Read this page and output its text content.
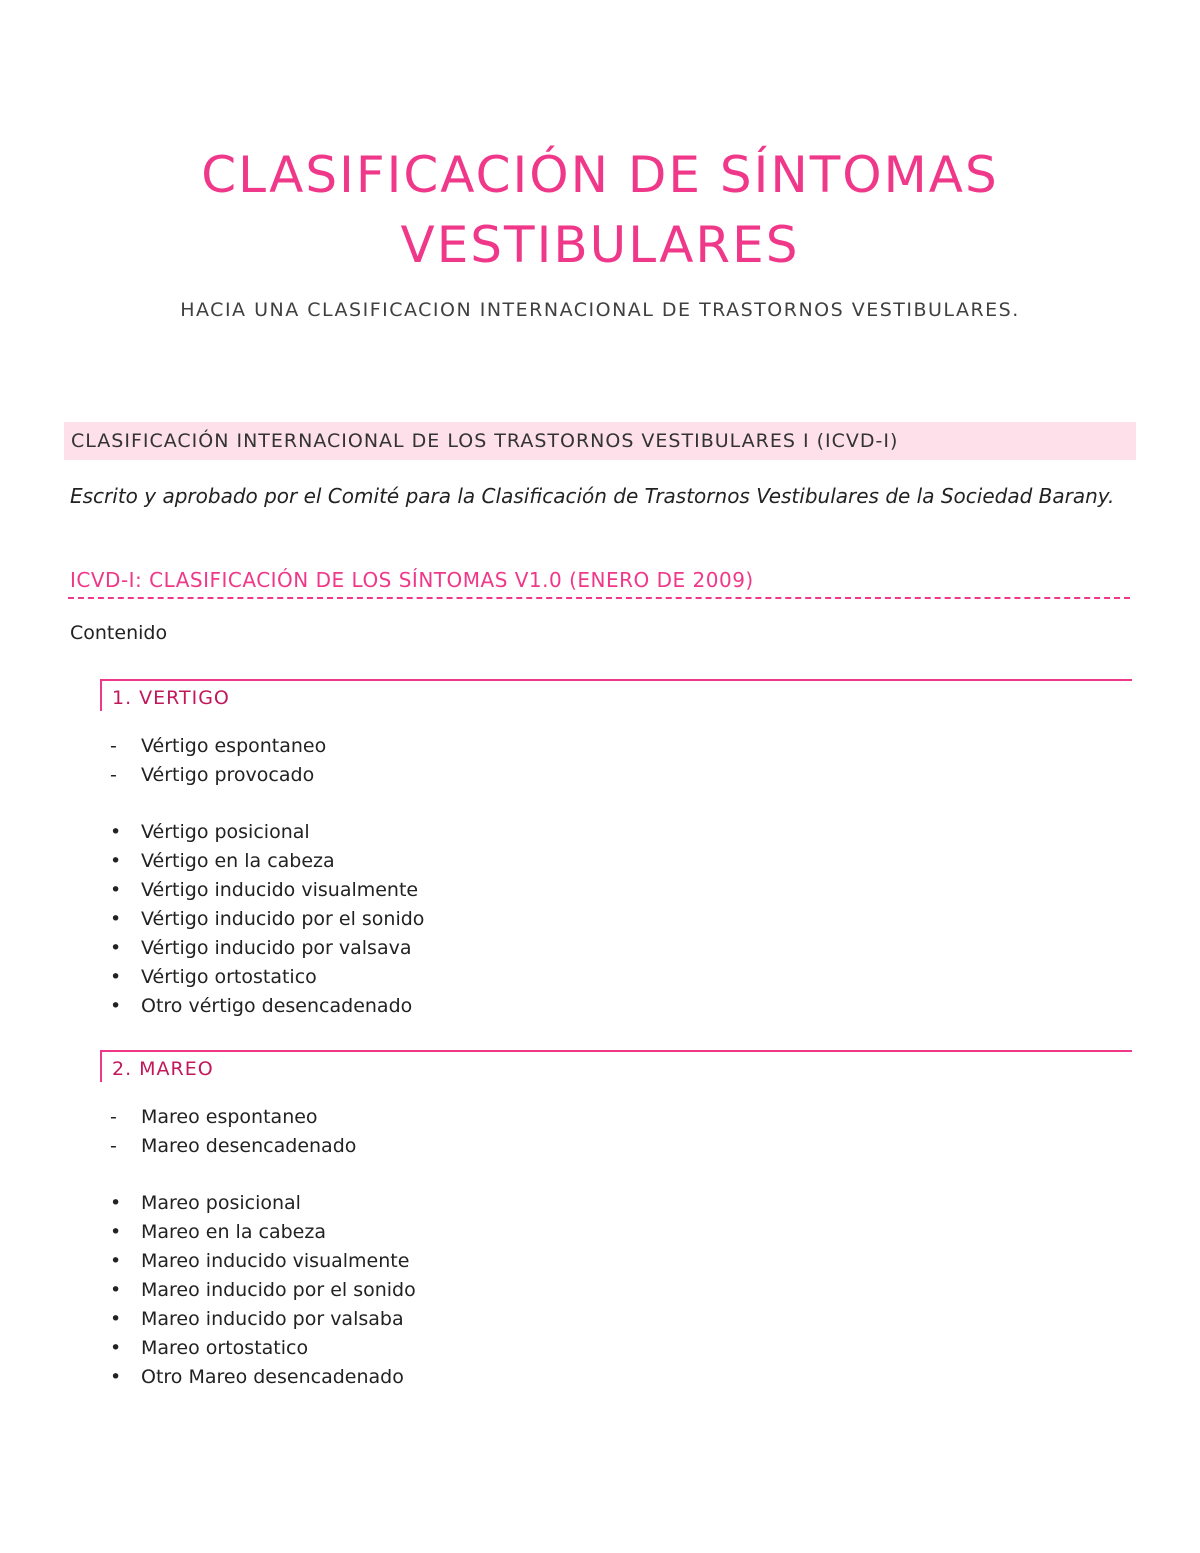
CLASIFICACIÓN DE SÍNTOMAS
VESTIBULARES
HACIA UNA CLASIFICACION INTERNACIONAL DE TRASTORNOS VESTIBULARES.
CLASIFICACIÓN INTERNACIONAL DE LOS TRASTORNOS VESTIBULARES I (ICVD-I)
Escrito y aprobado por el Comité para la Clasificación de Trastornos Vestibulares de la Sociedad Barany.
ICVD-I: CLASIFICACIÓN DE LOS SÍNTOMAS V1.0 (ENERO DE 2009)
Contenido
1. VERTIGO
-	Vértigo espontaneo
-	Vértigo provocado
•	Vértigo posicional
•	Vértigo en la cabeza
•	Vértigo inducido visualmente
•	Vértigo inducido por el sonido
•	Vértigo inducido por valsava
•	Vértigo ortostatico
•	Otro vértigo desencadenado
2. MAREO
-	Mareo espontaneo
-	Mareo desencadenado
•	Mareo posicional
•	Mareo en la cabeza
•	Mareo inducido visualmente
•	Mareo inducido por el sonido
•	Mareo inducido por valsaba
•	Mareo ortostatico
•	Otro Mareo desencadenado
